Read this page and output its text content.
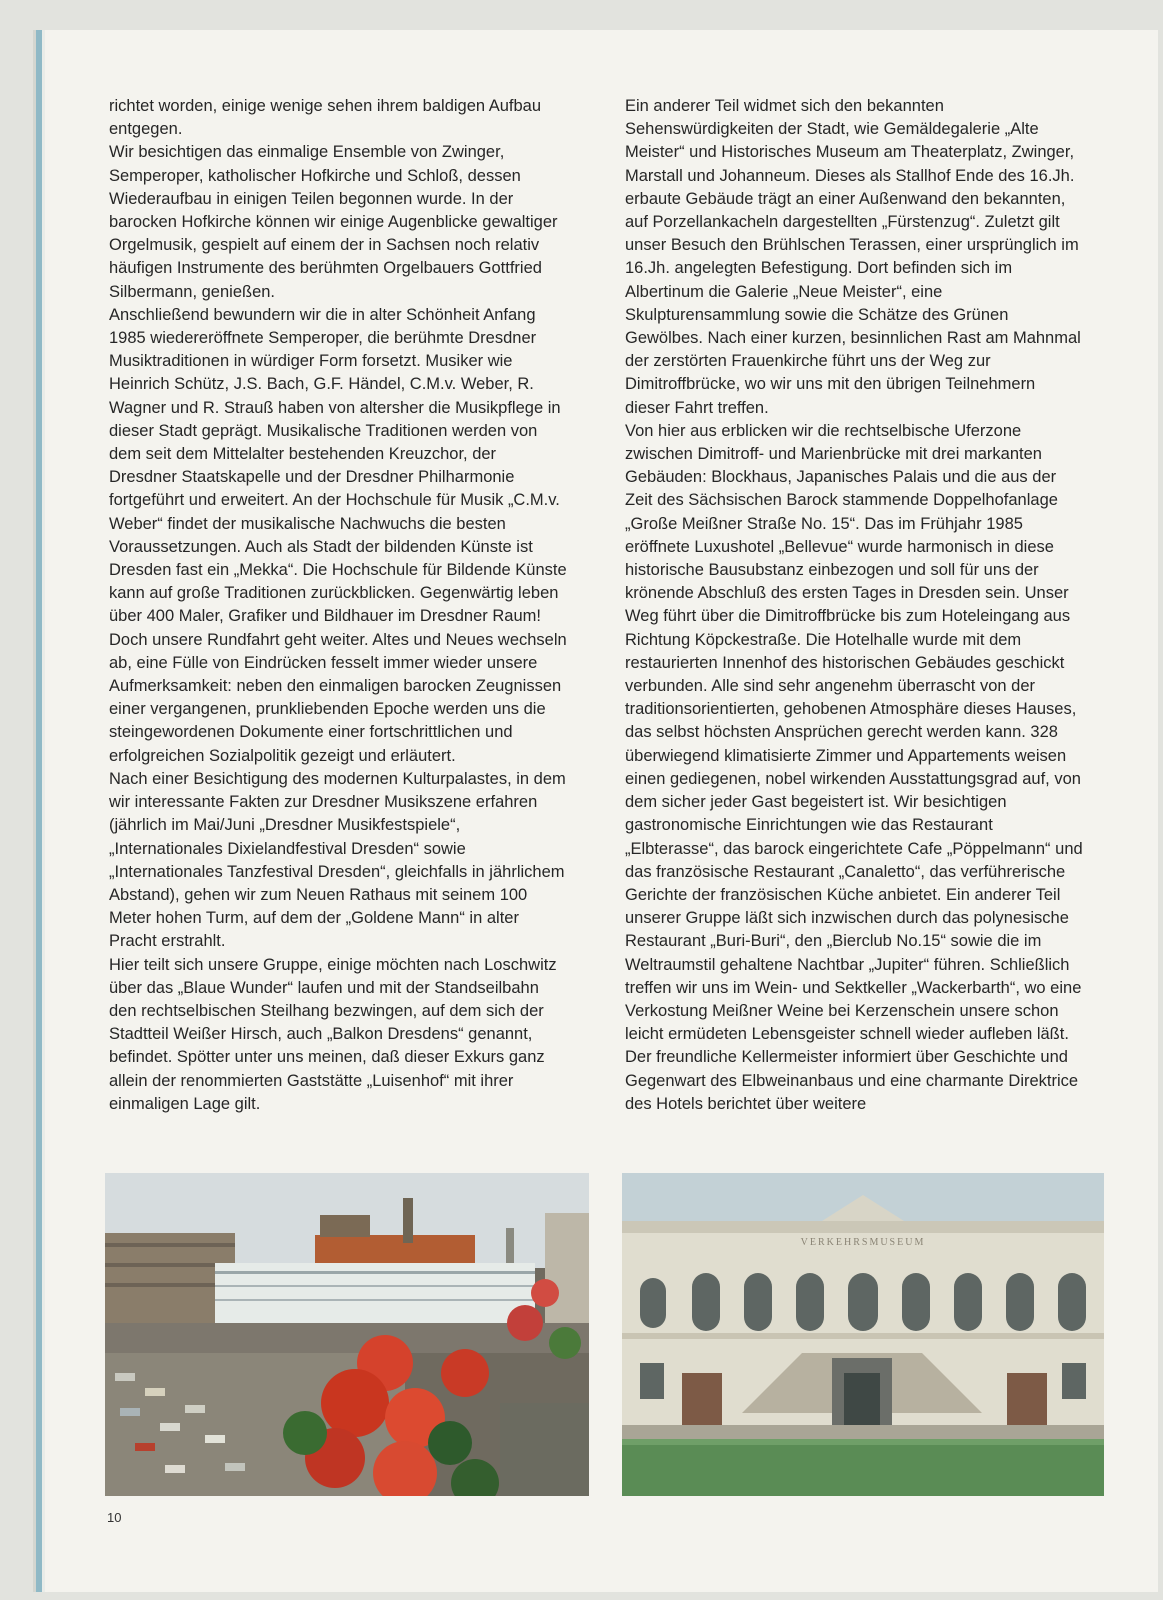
richtet worden, einige wenige sehen ihrem baldigen Aufbau entgegen.

Wir besichtigen das einmalige Ensemble von Zwinger, Semperoper, katholischer Hofkirche und Schloß, dessen Wiederaufbau in einigen Teilen begonnen wurde. In der barocken Hofkirche können wir einige Augenblicke gewaltiger Orgelmusik, gespielt auf einem der in Sachsen noch relativ häufigen Instrumente des berühmten Orgelbauers Gottfried Silbermann, genießen.

Anschließend bewundern wir die in alter Schönheit Anfang 1985 wiedereröffnete Semperoper, die berühmte Dresdner Musiktraditionen in würdiger Form forsetzt. Musiker wie Heinrich Schütz, J.S. Bach, G.F. Händel, C.M.v. Weber, R. Wagner und R. Strauß haben von altersher die Musikpflege in dieser Stadt geprägt. Musikalische Traditionen werden von dem seit dem Mittelalter bestehenden Kreuzchor, der Dresdner Staatskapelle und der Dresdner Philharmonie fortgeführt und erweitert. An der Hochschule für Musik „C.M.v. Weber“ findet der musikalische Nachwuchs die besten Voraussetzungen. Auch als Stadt der bildenden Künste ist Dresden fast ein „Mekka“. Die Hochschule für Bildende Künste kann auf große Traditionen zurückblicken. Gegenwärtig leben über 400 Maler, Grafiker und Bildhauer im Dresdner Raum!

Doch unsere Rundfahrt geht weiter. Altes und Neues wechseln ab, eine Fülle von Eindrücken fesselt immer wieder unsere Aufmerksamkeit: neben den einmaligen barocken Zeugnissen einer vergangenen, prunkliebenden Epoche werden uns die steingewordenen Dokumente einer fortschrittlichen und erfolgreichen Sozialpolitik gezeigt und erläutert.

Nach einer Besichtigung des modernen Kulturpalastes, in dem wir interessante Fakten zur Dresdner Musikszene erfahren (jährlich im Mai/Juni „Dresdner Musikfestspiele“, „Internationales Dixielandfestival Dresden“ sowie „Internationales Tanzfestival Dresden“, gleichfalls in jährlichem Abstand), gehen wir zum Neuen Rathaus mit seinem 100 Meter hohen Turm, auf dem der „Goldene Mann“ in alter Pracht erstrahlt.

Hier teilt sich unsere Gruppe, einige möchten nach Loschwitz über das „Blaue Wunder“ laufen und mit der Standseilbahn den rechtselbischen Steilhang bezwingen, auf dem sich der Stadtteil Weißer Hirsch, auch „Balkon Dresdens“ genannt, befindet. Spötter unter uns meinen, daß dieser Exkurs ganz allein der renommierten Gaststätte „Luisenhof“ mit ihrer einmaligen Lage gilt.

Ein anderer Teil widmet sich den bekannten Sehenswürdigkeiten der Stadt, wie Gemäldegalerie „Alte Meister“ und Historisches Museum am Theaterplatz, Zwinger, Marstall und Johanneum. Dieses als Stallhof Ende des 16.Jh. erbaute Gebäude trägt an einer Außenwand den bekannten, auf Porzellankacheln dargestellten „Fürstenzug“. Zuletzt gilt unser Besuch den Brühlschen Terassen, einer ursprünglich im 16.Jh. angelegten Befestigung. Dort befinden sich im Albertinum die Galerie „Neue Meister“, eine Skulpturensammlung sowie die Schätze des Grünen Gewölbes. Nach einer kurzen, besinnlichen Rast am Mahnmal der zerstörten Frauenkirche führt uns der Weg zur Dimitroffbrücke, wo wir uns mit den übrigen Teilnehmern dieser Fahrt treffen.

Von hier aus erblicken wir die rechtselbische Uferzone zwischen Dimitroff- und Marienbrücke mit drei markanten Gebäuden: Blockhaus, Japanisches Palais und die aus der Zeit des Sächsischen Barock stammende Doppelhofanlage „Große Meißner Straße No. 15“. Das im Frühjahr 1985 eröffnete Luxushotel „Bellevue“ wurde harmonisch in diese historische Bausubstanz einbezogen und soll für uns der krönende Abschluß des ersten Tages in Dresden sein. Unser Weg führt über die Dimitroffbrücke bis zum Hoteleingang aus Richtung Köpckestraße. Die Hotelhalle wurde mit dem restaurierten Innenhof des historischen Gebäudes geschickt verbunden. Alle sind sehr angenehm überrascht von der traditionsorientierten, gehobenen Atmosphäre dieses Hauses, das selbst höchsten Ansprüchen gerecht werden kann. 328 überwiegend klimatisierte Zimmer und Appartements weisen einen gediegenen, nobel wirkenden Ausstattungsgrad auf, von dem sicher jeder Gast begeistert ist. Wir besichtigen gastronomische Einrichtungen wie das Restaurant „Elbterasse“, das barock eingerichtete Cafe „Pöppelmann“ und das französische Restaurant „Canaletto“, das verführerische Gerichte der französischen Küche anbietet. Ein anderer Teil unserer Gruppe läßt sich inzwischen durch das polynesische Restaurant „Buri-Buri“, den „Bierclub No.15“ sowie die im Weltraumstil gehaltene Nachtbar „Jupiter“ führen. Schließlich treffen wir uns im Wein- und Sektkeller „Wackerbarth“, wo eine Verkostung Meißner Weine bei Kerzenschein unsere schon leicht ermüdeten Lebensgeister schnell wieder aufleben läßt. Der freundliche Kellermeister informiert über Geschichte und Gegenwart des Elbweinanbaus und eine charmante Direktrice des Hotels berichtet über weitere

VERKEHRSMUSEUM
10
